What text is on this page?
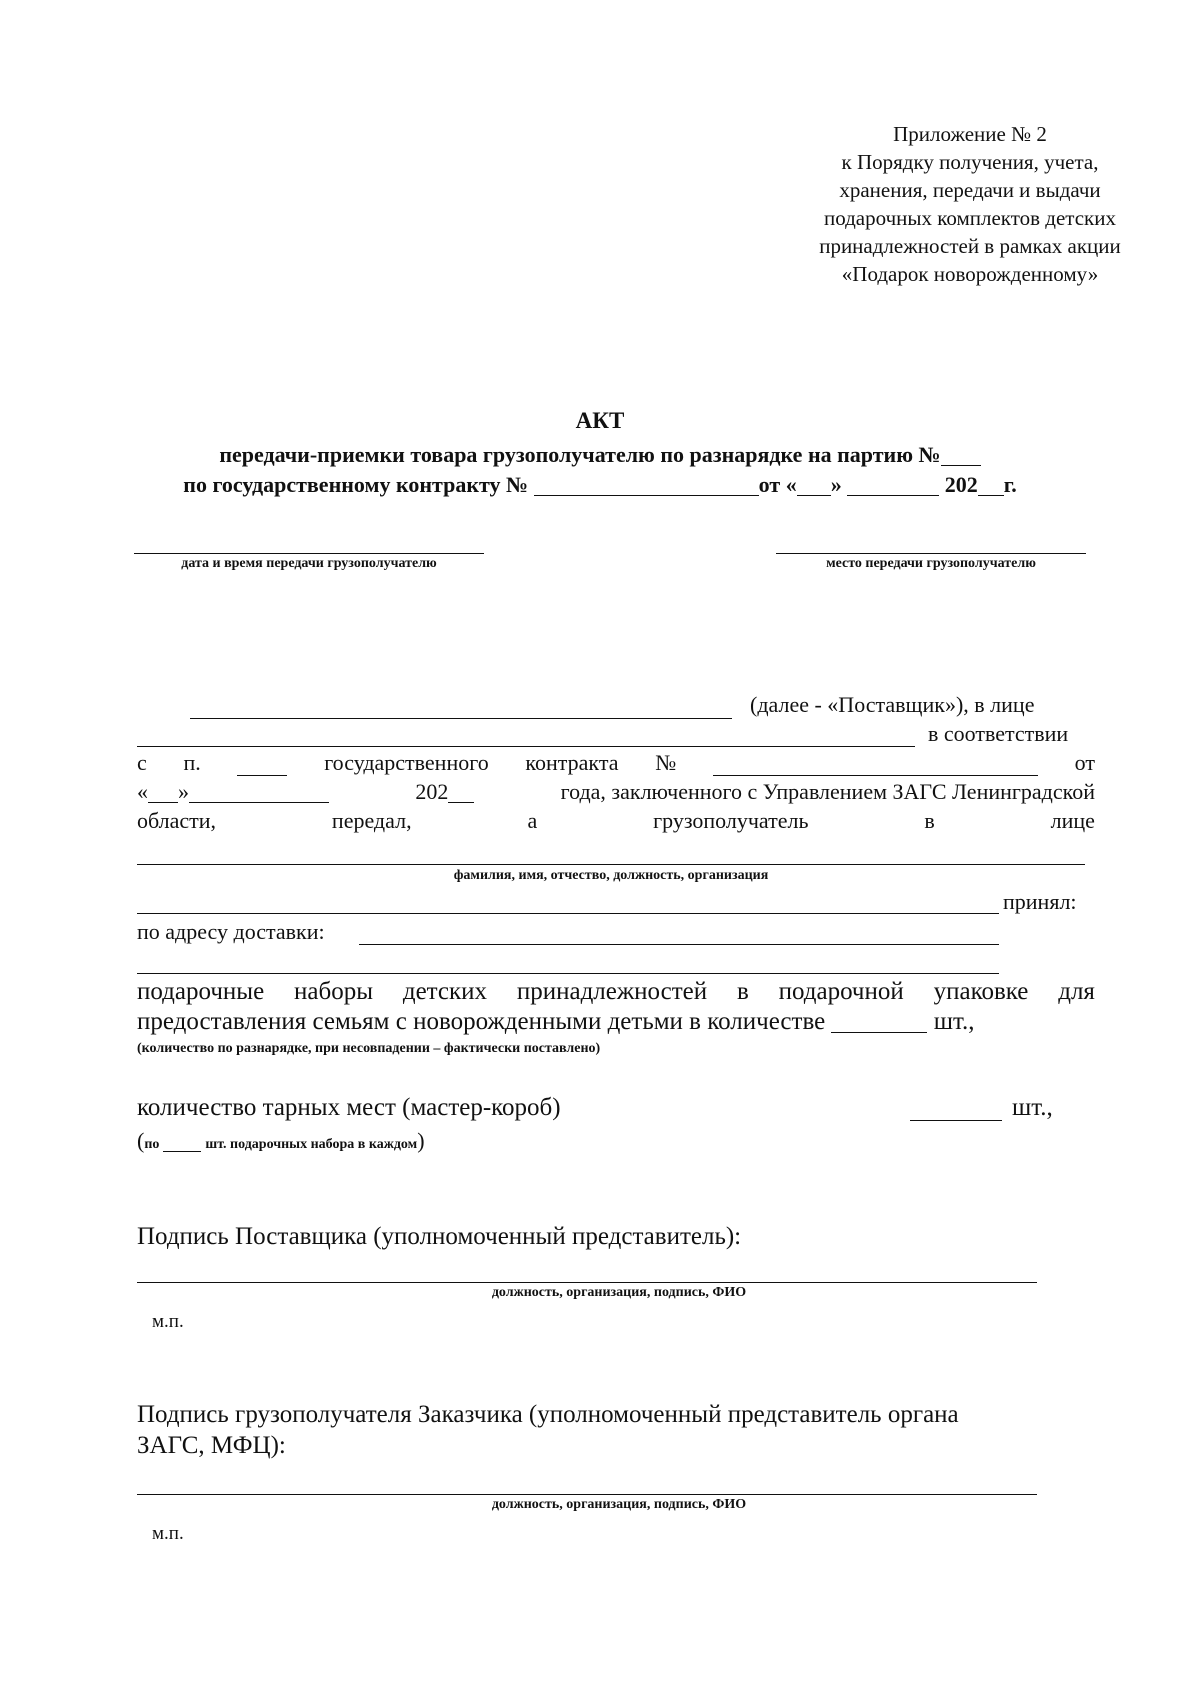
Приложение № 2
к Порядку получения, учета,
хранения, передачи и выдачи
подарочных комплектов детских
принадлежностей в рамках акции
«Подарок новорожденному»
АКТ
передачи-приемки товара грузополучателю по разнарядке на партию №
по государственному контракту №	от « »	202 г.
дата и время передачи грузополучателю	место передачи грузополучателю
(далее - «Поставщик»), в лице
в соответствии
с п.	государственного контракта №	от
« »	202	года, заключенного с Управлением ЗАГС Ленинградской
области,	передал,	а	грузополучатель	в	лице
фамилия, имя, отчество, должность, организация
принял:
по адресу доставки:
подарочные наборы детских принадлежностей в подарочной упаковке для
предоставления семьям с новорожденными детьми в количестве	шт.,
(количество по разнарядке, при несовпадении – фактически поставлено)
количество тарных мест (мастер-короб)	шт.,
(по	шт. подарочных набора в каждом)
Подпись Поставщика (уполномоченный представитель):
должность, организация, подпись, ФИО
м.п.
Подпись грузополучателя Заказчика (уполномоченный представитель органа
ЗАГС, МФЦ):
должность, организация, подпись, ФИО
м.п.
